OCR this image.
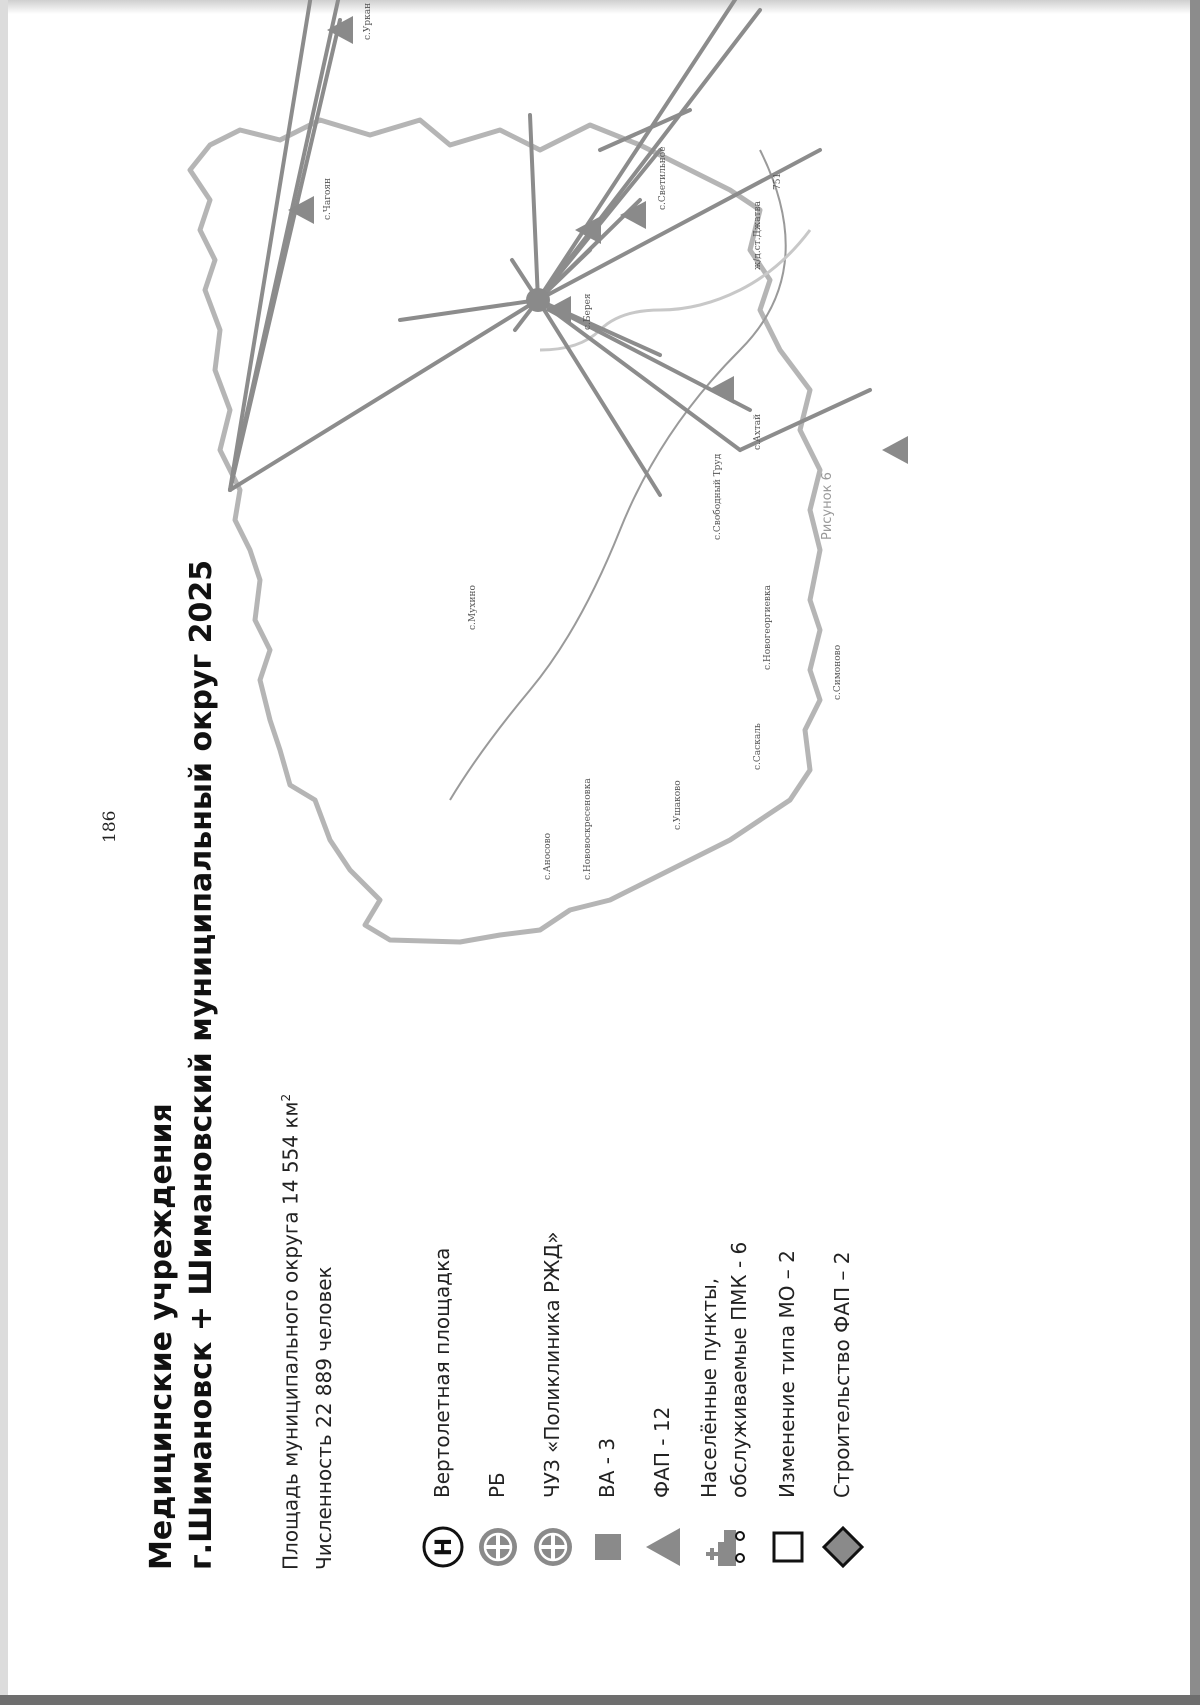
186
Медицинские учреждения г.Шимановск + Шимановский муниципальный округ 2025	Площадь муниципального округа 14 554 $км^2$
Численность 22 889 человек	H
Вертолетная площадка РБ ЧУЗ «Поликлиника РЖД» ВА - 3 ФАП - 12 Населённые пункты, обслуживаемые ПМК - 6 Изменение типа МО – 2 Строительство ФАП – 2
с.Уркан
с.Чагоян
с.Мухино
с.Берея
с.Светильное
с.Свободный Труд
с.Ахтай
с.Новогеоргиевка
с.Симоново
с.Ушаково
с.Аносово	с.Нововоскресеновка
с.Саскаль
ж/д.ст.Джатва
751
Рисунок 6
